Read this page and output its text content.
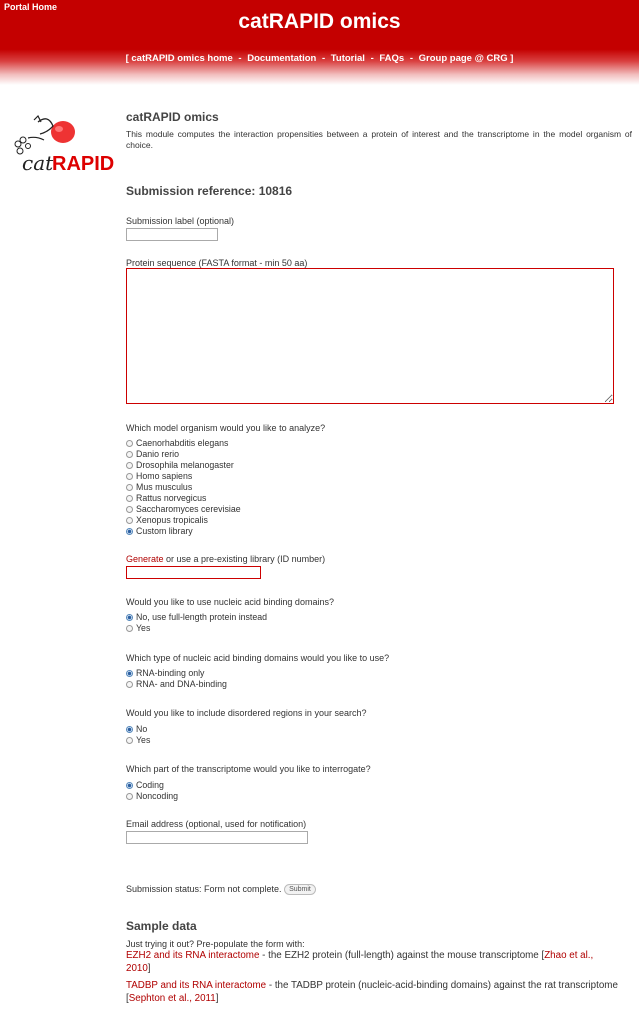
Portal Home
catRAPID omics
[ catRAPID omics home - Documentation - Tutorial - FAQs - Group page @ CRG ]
cat
RAPID
catRAPID omics

This module computes the interaction propensities between a protein of interest and the transcriptome in the model organism of choice.

Submission reference: 10816
Submission label (optional)
Protein sequence (FASTA format - min 50 aa)
Which model organism would you like to analyze?
Caenorhabditis elegans
Danio rerio
Drosophila melanogaster
Homo sapiens
Mus musculus
Rattus norvegicus
Saccharomyces cerevisiae
Xenopus tropicalis
Custom library
Generate or use a pre-existing library (ID number)
Would you like to use nucleic acid binding domains?
No, use full-length protein instead
Yes
Which type of nucleic acid binding domains would you like to use?
RNA-binding only
RNA- and DNA-binding
Would you like to include disordered regions in your search?
No
Yes
Which part of the transcriptome would you like to interrogate?
Coding
Noncoding
Email address (optional, used for notification)
Submission status: Form not complete. Submit
Sample data
Just trying it out? Pre-populate the form with:
EZH2 and its RNA interactome - the EZH2 protein (full-length) against the mouse transcriptome [Zhao et al., 2010]
TADBP and its RNA interactome - the TADBP protein (nucleic-acid-binding domains) against the rat transcriptome [Sephton et al., 2011]
